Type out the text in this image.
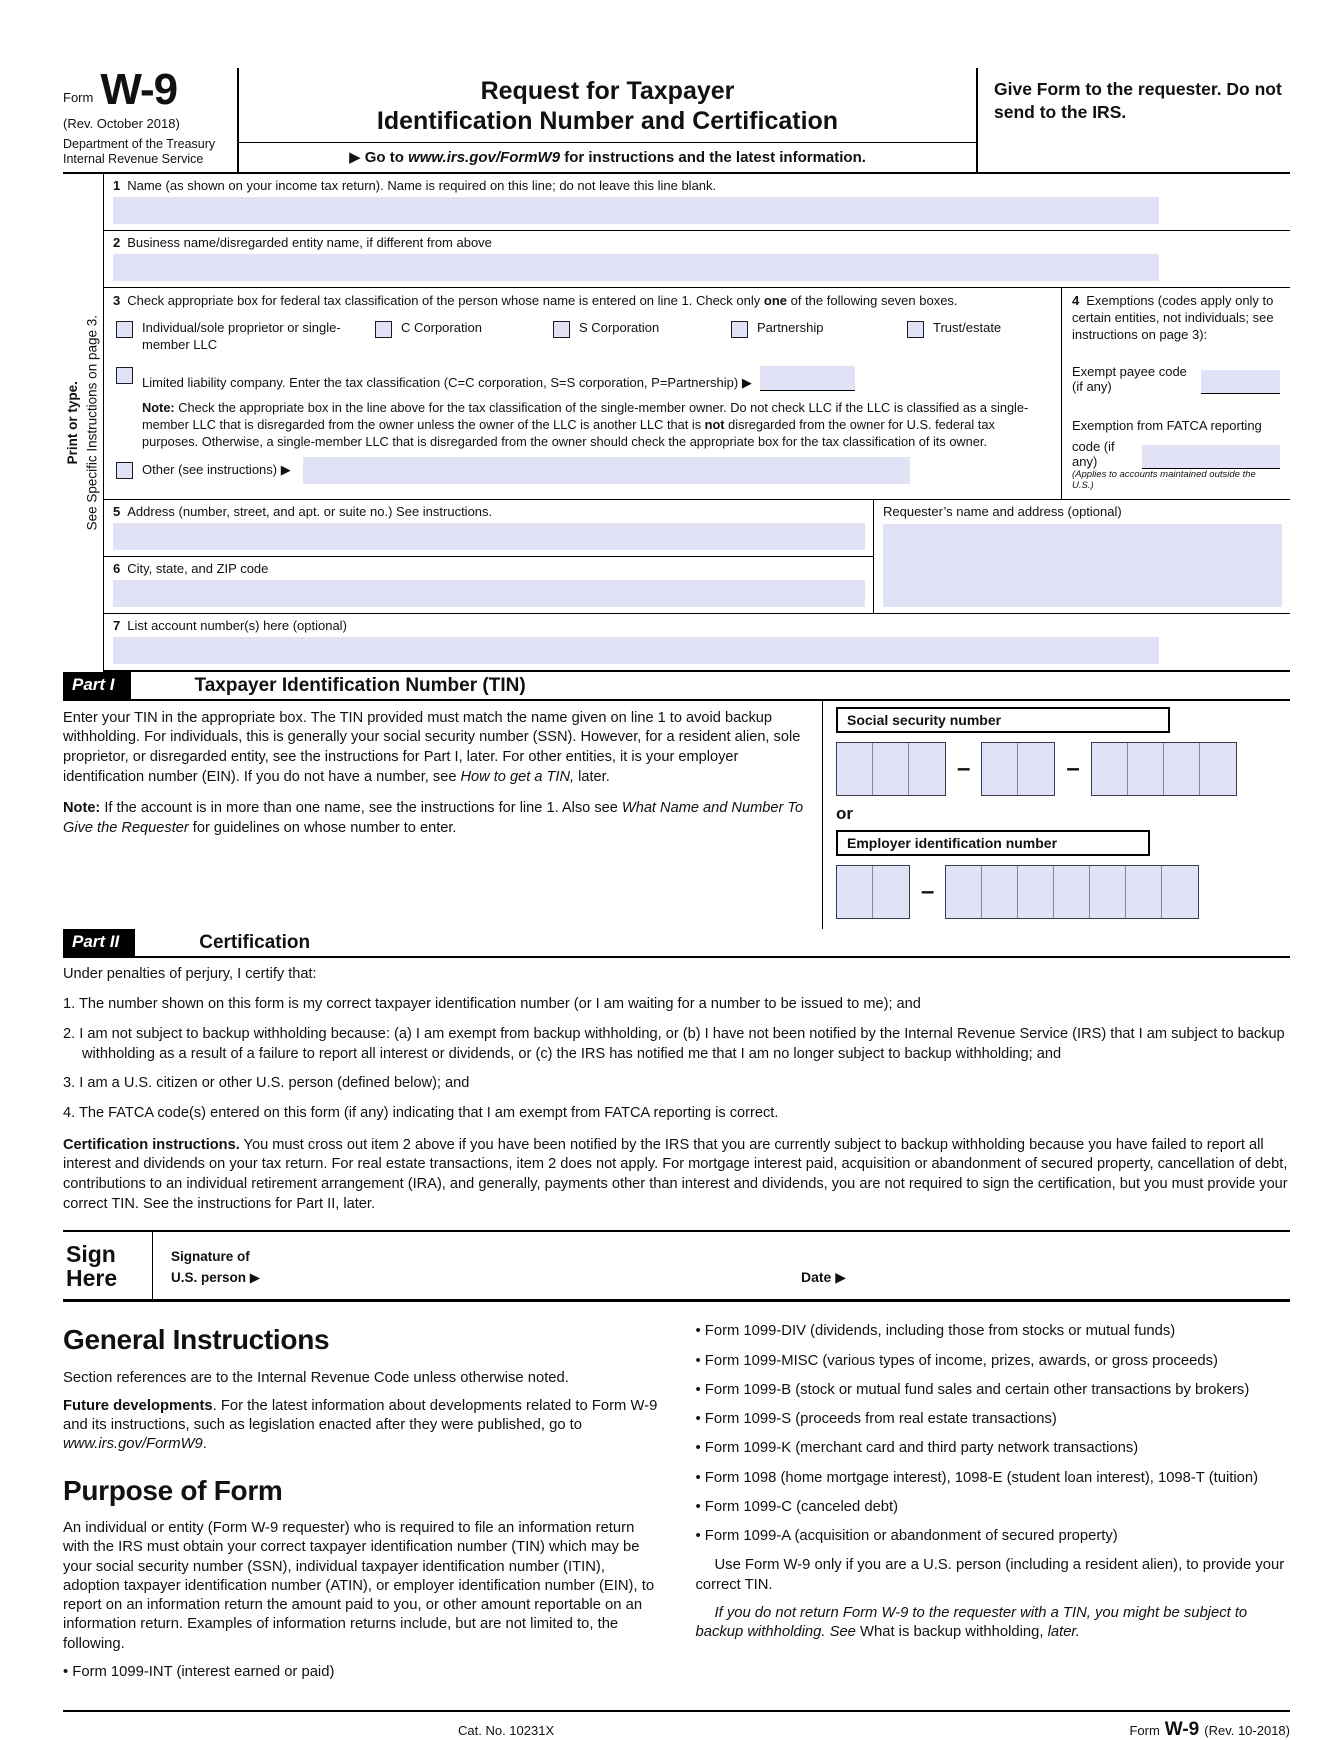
Form W-9
(Rev. October 2018)
Department of the Treasury
Internal Revenue Service
Request for Taxpayer
Identification Number and Certification
▶ Go to www.irs.gov/FormW9 for instructions and the latest information.
Give Form to the requester. Do not send to the IRS.
Print or type. See Specific Instructions on page 3.
1 Name (as shown on your income tax return). Name is required on this line; do not leave this line blank.
2 Business name/disregarded entity name, if different from above
3 Check appropriate box for federal tax classification of the person whose name is entered on line 1. Check only one of the following seven boxes.
Individual/sole proprietor or single-member LLC
C Corporation	S Corporation	Partnership	Trust/estate
Limited liability company. Enter the tax classification (C=C corporation, S=S corporation, P=Partnership) ▶
Note: Check the appropriate box in the line above for the tax classification of the single-member owner. Do not check LLC if the LLC is classified as a single-member LLC that is disregarded from the owner unless the owner of the LLC is another LLC that is not disregarded from the owner for U.S. federal tax purposes. Otherwise, a single-member LLC that is disregarded from the owner should check the appropriate box for the tax classification of its owner.
Other (see instructions) ▶
4 Exemptions (codes apply only to certain entities, not individuals; see instructions on page 3):
Exempt payee code (if any)
Exemption from FATCA reporting
code (if any)
(Applies to accounts maintained outside the U.S.)
5 Address (number, street, and apt. or suite no.) See instructions.
6 City, state, and ZIP code
Requester’s name and address (optional)
7 List account number(s) here (optional)
Part I	Taxpayer Identification Number (TIN)

Enter your TIN in the appropriate box. The TIN provided must match the name given on line 1 to avoid backup withholding. For individuals, this is generally your social security number (SSN). However, for a resident alien, sole proprietor, or disregarded entity, see the instructions for Part I, later. For other entities, it is your employer identification number (EIN). If you do not have a number, see How to get a TIN, later.

Note: If the account is in more than one name, see the instructions for line 1. Also see What Name and Number To Give the Requester for guidelines on whose number to enter.

Social security number
–	–
or
Employer identification number
–
Part II	Certification
Under penalties of perjury, I certify that:
1. The number shown on this form is my correct taxpayer identification number (or I am waiting for a number to be issued to me); and
2. I am not subject to backup withholding because: (a) I am exempt from backup withholding, or (b) I have not been notified by the Internal Revenue Service (IRS) that I am subject to backup withholding as a result of a failure to report all interest or dividends, or (c) the IRS has notified me that I am no longer subject to backup withholding; and
3. I am a U.S. citizen or other U.S. person (defined below); and
4. The FATCA code(s) entered on this form (if any) indicating that I am exempt from FATCA reporting is correct.
Certification instructions. You must cross out item 2 above if you have been notified by the IRS that you are currently subject to backup withholding because you have failed to report all interest and dividends on your tax return. For real estate transactions, item 2 does not apply. For mortgage interest paid, acquisition or abandonment of secured property, cancellation of debt, contributions to an individual retirement arrangement (IRA), and generally, payments other than interest and dividends, you are not required to sign the certification, but you must provide your correct TIN. See the instructions for Part II, later.
Sign
Here
Signature of
U.S. person ▶	Date ▶
General Instructions

Section references are to the Internal Revenue Code unless otherwise noted.

Future developments. For the latest information about developments related to Form W-9 and its instructions, such as legislation enacted after they were published, go to www.irs.gov/FormW9.

Purpose of Form

An individual or entity (Form W-9 requester) who is required to file an information return with the IRS must obtain your correct taxpayer identification number (TIN) which may be your social security number (SSN), individual taxpayer identification number (ITIN), adoption taxpayer identification number (ATIN), or employer identification number (EIN), to report on an information return the amount paid to you, or other amount reportable on an information return. Examples of information returns include, but are not limited to, the following.

• Form 1099-INT (interest earned or paid)
• Form 1099-DIV (dividends, including those from stocks or mutual funds)
• Form 1099-MISC (various types of income, prizes, awards, or gross proceeds)
• Form 1099-B (stock or mutual fund sales and certain other transactions by brokers)
• Form 1099-S (proceeds from real estate transactions)
• Form 1099-K (merchant card and third party network transactions)
• Form 1098 (home mortgage interest), 1098-E (student loan interest), 1098-T (tuition)
• Form 1099-C (canceled debt)
• Form 1099-A (acquisition or abandonment of secured property)

Use Form W-9 only if you are a U.S. person (including a resident alien), to provide your correct TIN.

If you do not return Form W-9 to the requester with a TIN, you might be subject to backup withholding. See What is backup withholding, later.

Cat. No. 10231X	Form W-9 (Rev. 10-2018)
